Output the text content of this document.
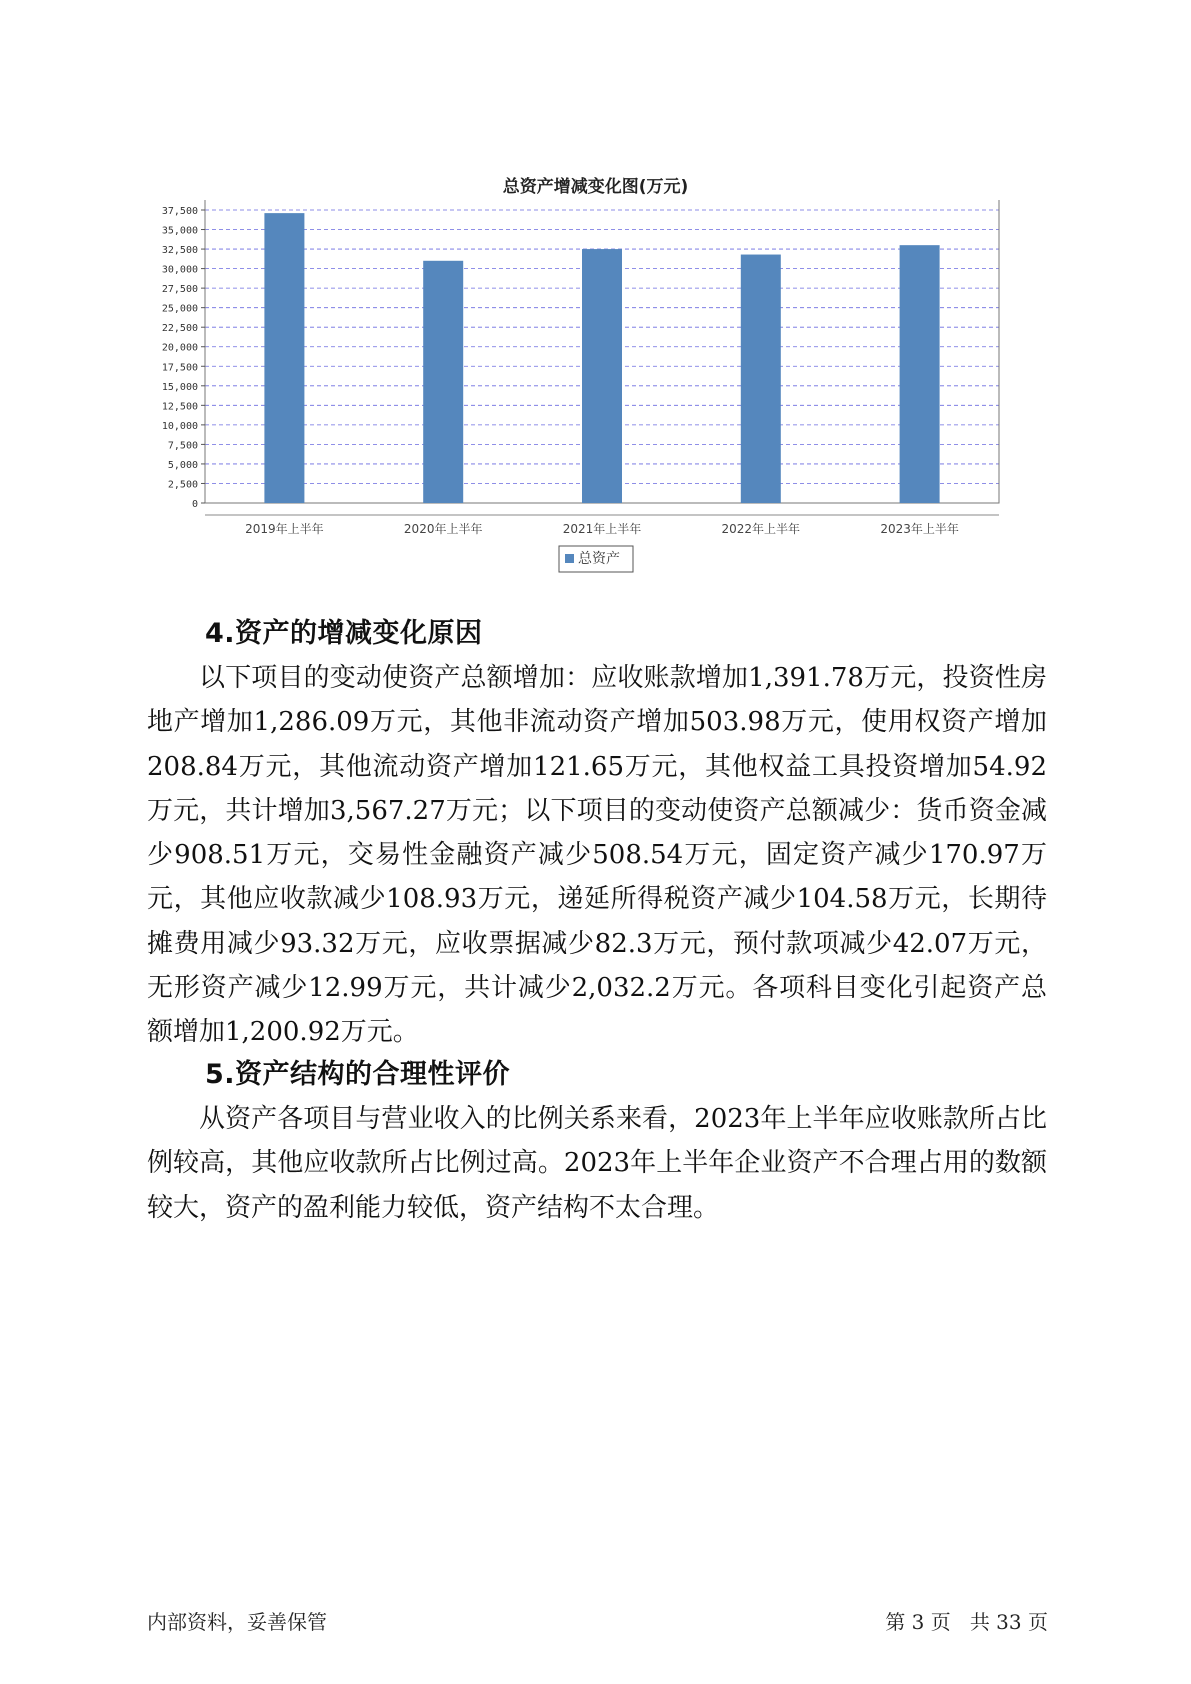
总资产增减变化图(万元)
0
2,500
5,000
7,500
10,000
12,500
15,000
17,500
20,000
22,500
25,000
27,500
30,000
32,500
35,000
37,500
2019年上半年	2020年上半年	2021年上半年	2022年上半年	2023年上半年
总资产
4.资产的增减变化原因

以下项目的变动使资产总额增加：应收账款增加1,391.78万元，投资性房地产增加1,286.09万元，其他非流动资产增加503.98万元，使用权资产增加208.84万元，其他流动资产增加121.65万元，其他权益工具投资增加54.92万元，共计增加3,567.27万元；以下项目的变动使资产总额减少：货币资金减少908.51万元，交易性金融资产减少508.54万元，固定资产减少170.97万元，其他应收款减少108.93万元，递延所得税资产减少104.58万元，长期待摊费用减少93.32万元，应收票据减少82.3万元，预付款项减少42.07万元，无形资产减少12.99万元，共计减少2,032.2万元。各项科目变化引起资产总额增加1,200.92万元。

5.资产结构的合理性评价

从资产各项目与营业收入的比例关系来看，2023年上半年应收账款所占比例较高，其他应收款所占比例过高。2023年上半年企业资产不合理占用的数额较大，资产的盈利能力较低，资产结构不太合理。

内部资料，妥善保管	第 3 页   共 33 页
